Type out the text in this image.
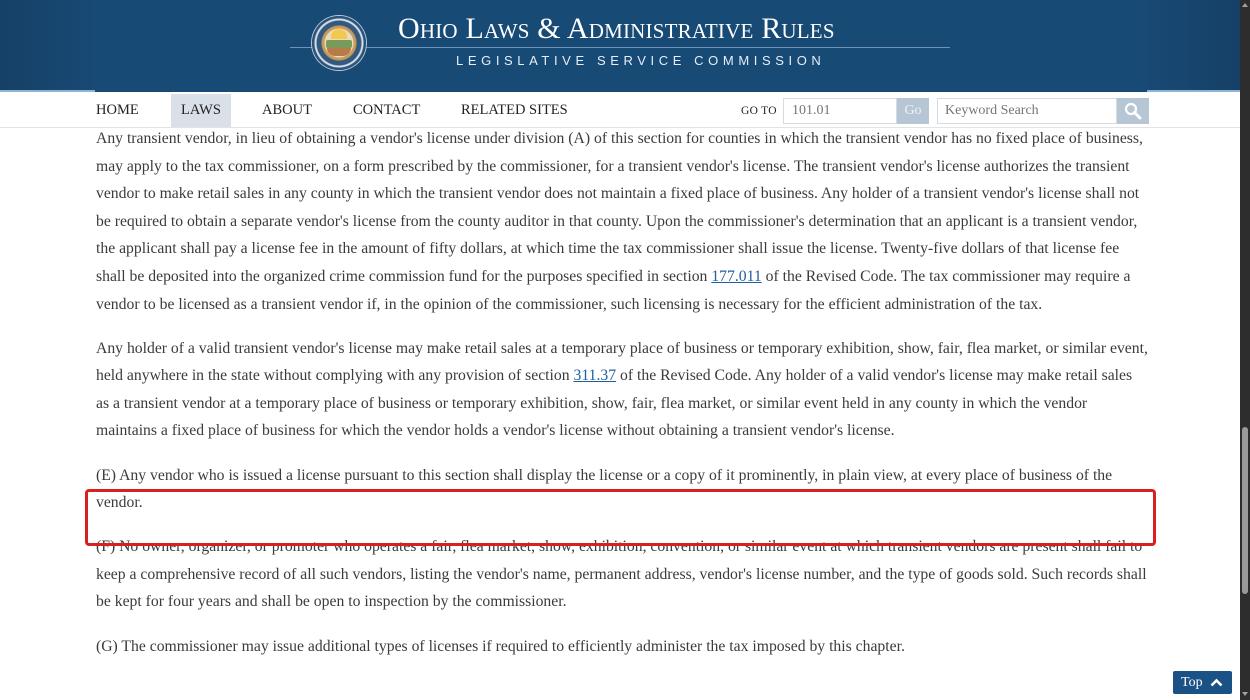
Ohio Laws & Administrative Rules
LEGISLATIVE SERVICE COMMISSION
HOME	LAWS	ABOUT	CONTACT	RELATED SITES	GO TO
101.01	Go
Keyword Search

Any transient vendor, in lieu of obtaining a vendor's license under division (A) of this section for counties in which the transient vendor has no fixed place of business, may apply to the tax commissioner, on a form prescribed by the commissioner, for a transient vendor's license. The transient vendor's license authorizes the transient vendor to make retail sales in any county in which the transient vendor does not maintain a fixed place of business. Any holder of a transient vendor's license shall not be required to obtain a separate vendor's license from the county auditor in that county. Upon the commissioner's determination that an applicant is a transient vendor, the applicant shall pay a license fee in the amount of fifty dollars, at which time the tax commissioner shall issue the license. Twenty-five dollars of that license fee shall be deposited into the organized crime commission fund for the purposes specified in section 177.011 of the Revised Code. The tax commissioner may require a vendor to be licensed as a transient vendor if, in the opinion of the commissioner, such licensing is necessary for the efficient administration of the tax.

Any holder of a valid transient vendor's license may make retail sales at a temporary place of business or temporary exhibition, show, fair, flea market, or similar event, held anywhere in the state without complying with any provision of section 311.37 of the Revised Code. Any holder of a valid vendor's license may make retail sales as a transient vendor at a temporary place of business or temporary exhibition, show, fair, flea market, or similar event held in any county in which the vendor maintains a fixed place of business for which the vendor holds a vendor's license without obtaining a transient vendor's license.

(E) Any vendor who is issued a license pursuant to this section shall display the license or a copy of it prominently, in plain view, at every place of business of the vendor.

(F) No owner, organizer, or promoter who operates a fair, flea market, show, exhibition, convention, or similar event at which transient vendors are present shall fail to keep a comprehensive record of all such vendors, listing the vendor's name, permanent address, vendor's license number, and the type of goods sold. Such records shall be kept for four years and shall be open to inspection by the commissioner.

(G) The commissioner may issue additional types of licenses if required to efficiently administer the tax imposed by this chapter.

Top
